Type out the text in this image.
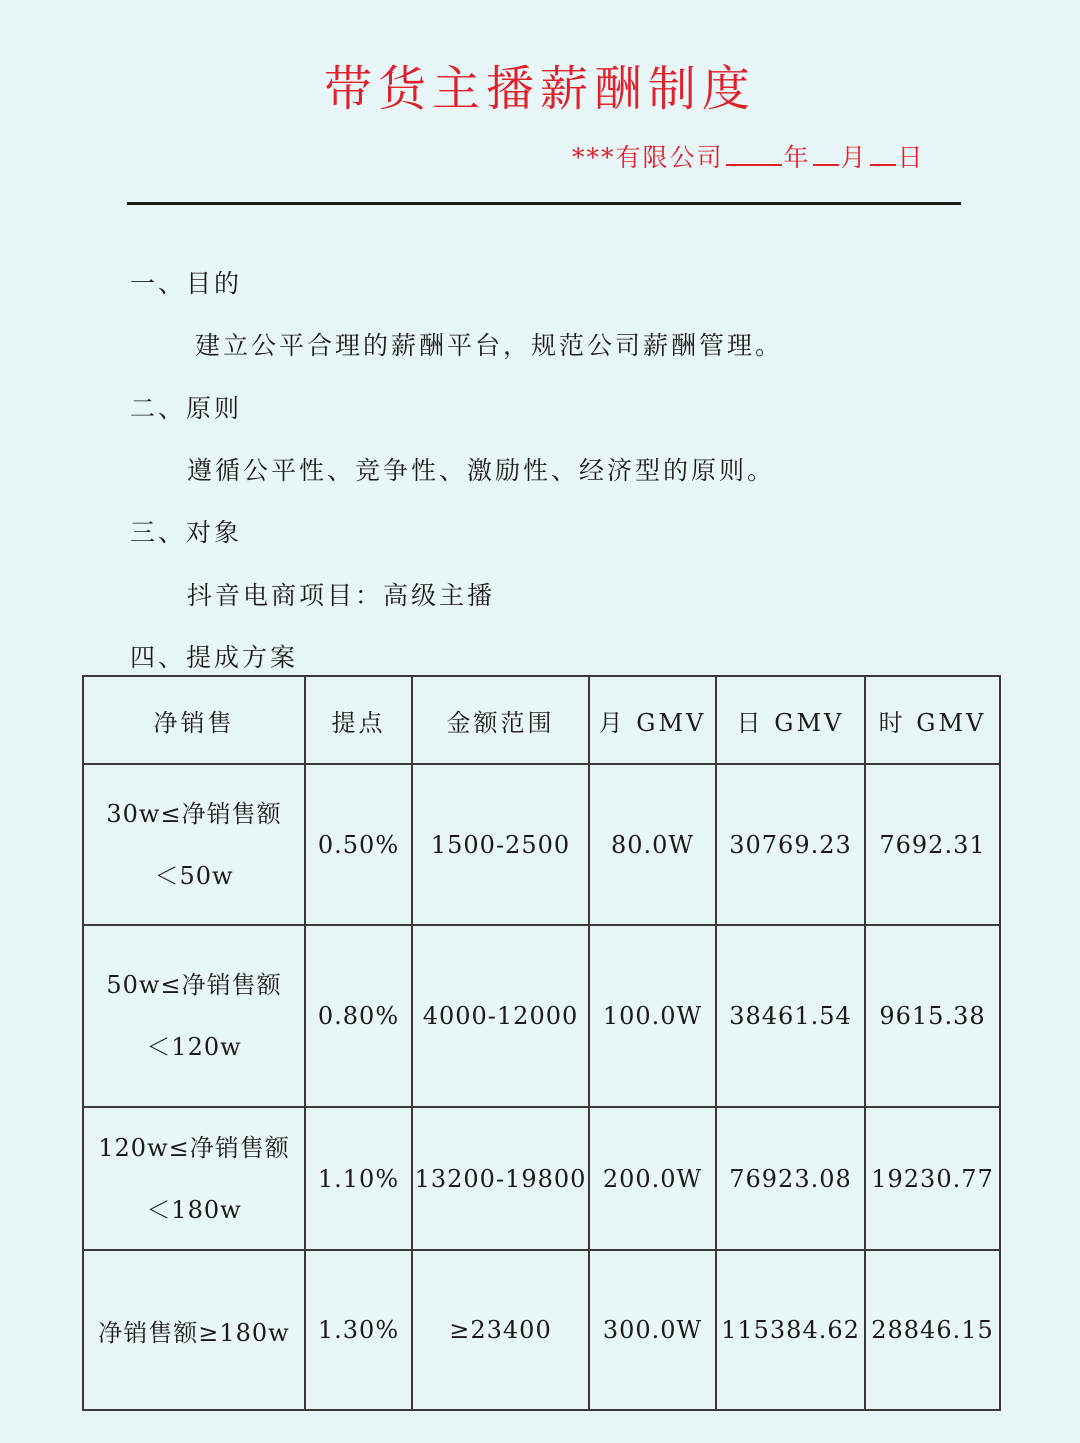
带货主播薪酬制度
***有限公司 年 月 日
一、目的
建立公平合理的薪酬平台，规范公司薪酬管理。
二、原则
遵循公平性、竞争性、激励性、经济型的原则。
三、对象
抖音电商项目：高级主播
四、提成方案
净销售	提点	金额范围	月 GMV	日 GMV	时 GMV

30w≤净销售额
＜50w	0.50%	1500-2500	80.0W	30769.23	7692.31

50w≤净销售额
＜120w	0.80%	4000-12000	100.0W	38461.54	9615.38

120w≤净销售额
＜180w	1.10%	13200-19800	200.0W	76923.08	19230.77
净销售额≥180w	1.30%	≥23400	300.0W	115384.62	28846.15
